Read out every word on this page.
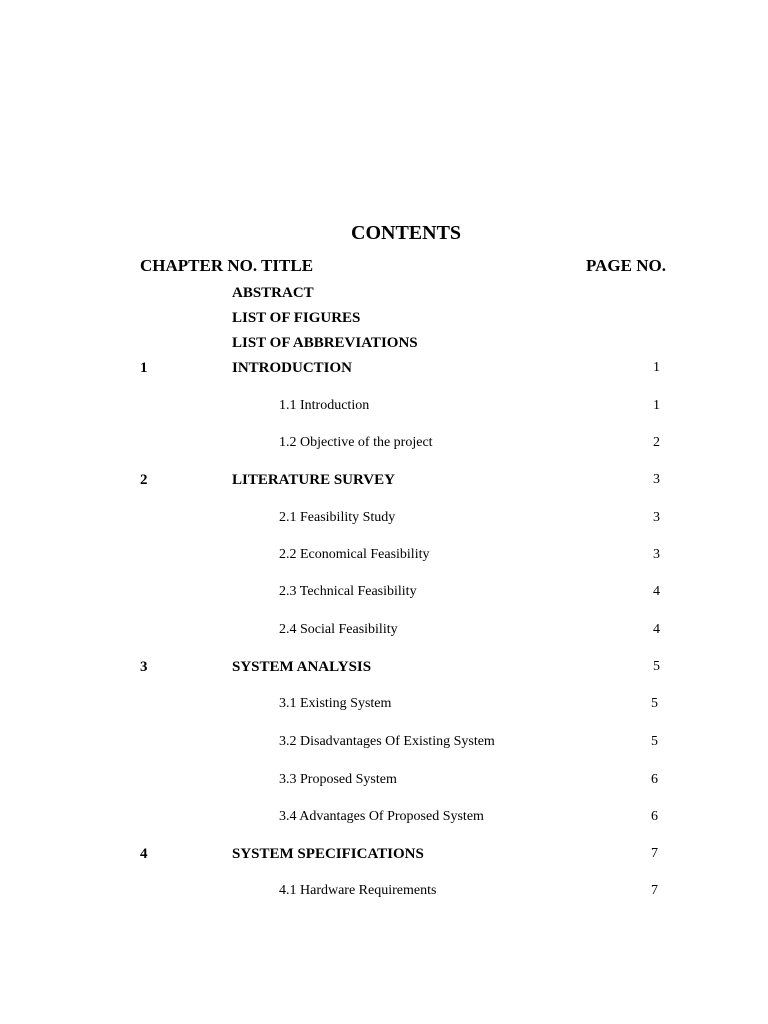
CONTENTS
CHAPTER NO. TITLE	PAGE NO.
ABSTRACT
LIST OF FIGURES
LIST OF ABBREVIATIONS
1	INTRODUCTION	1
1.1 Introduction	1
1.2 Objective of the project	2
2	LITERATURE SURVEY	3
2.1 Feasibility Study	3
2.2 Economical Feasibility	3
2.3 Technical Feasibility	4
2.4 Social Feasibility	4
3	SYSTEM ANALYSIS	5
3.1 Existing System	5
3.2 Disadvantages Of Existing System	5
3.3 Proposed System	6
3.4 Advantages Of Proposed System	6
4	SYSTEM SPECIFICATIONS	7
4.1 Hardware Requirements	7
